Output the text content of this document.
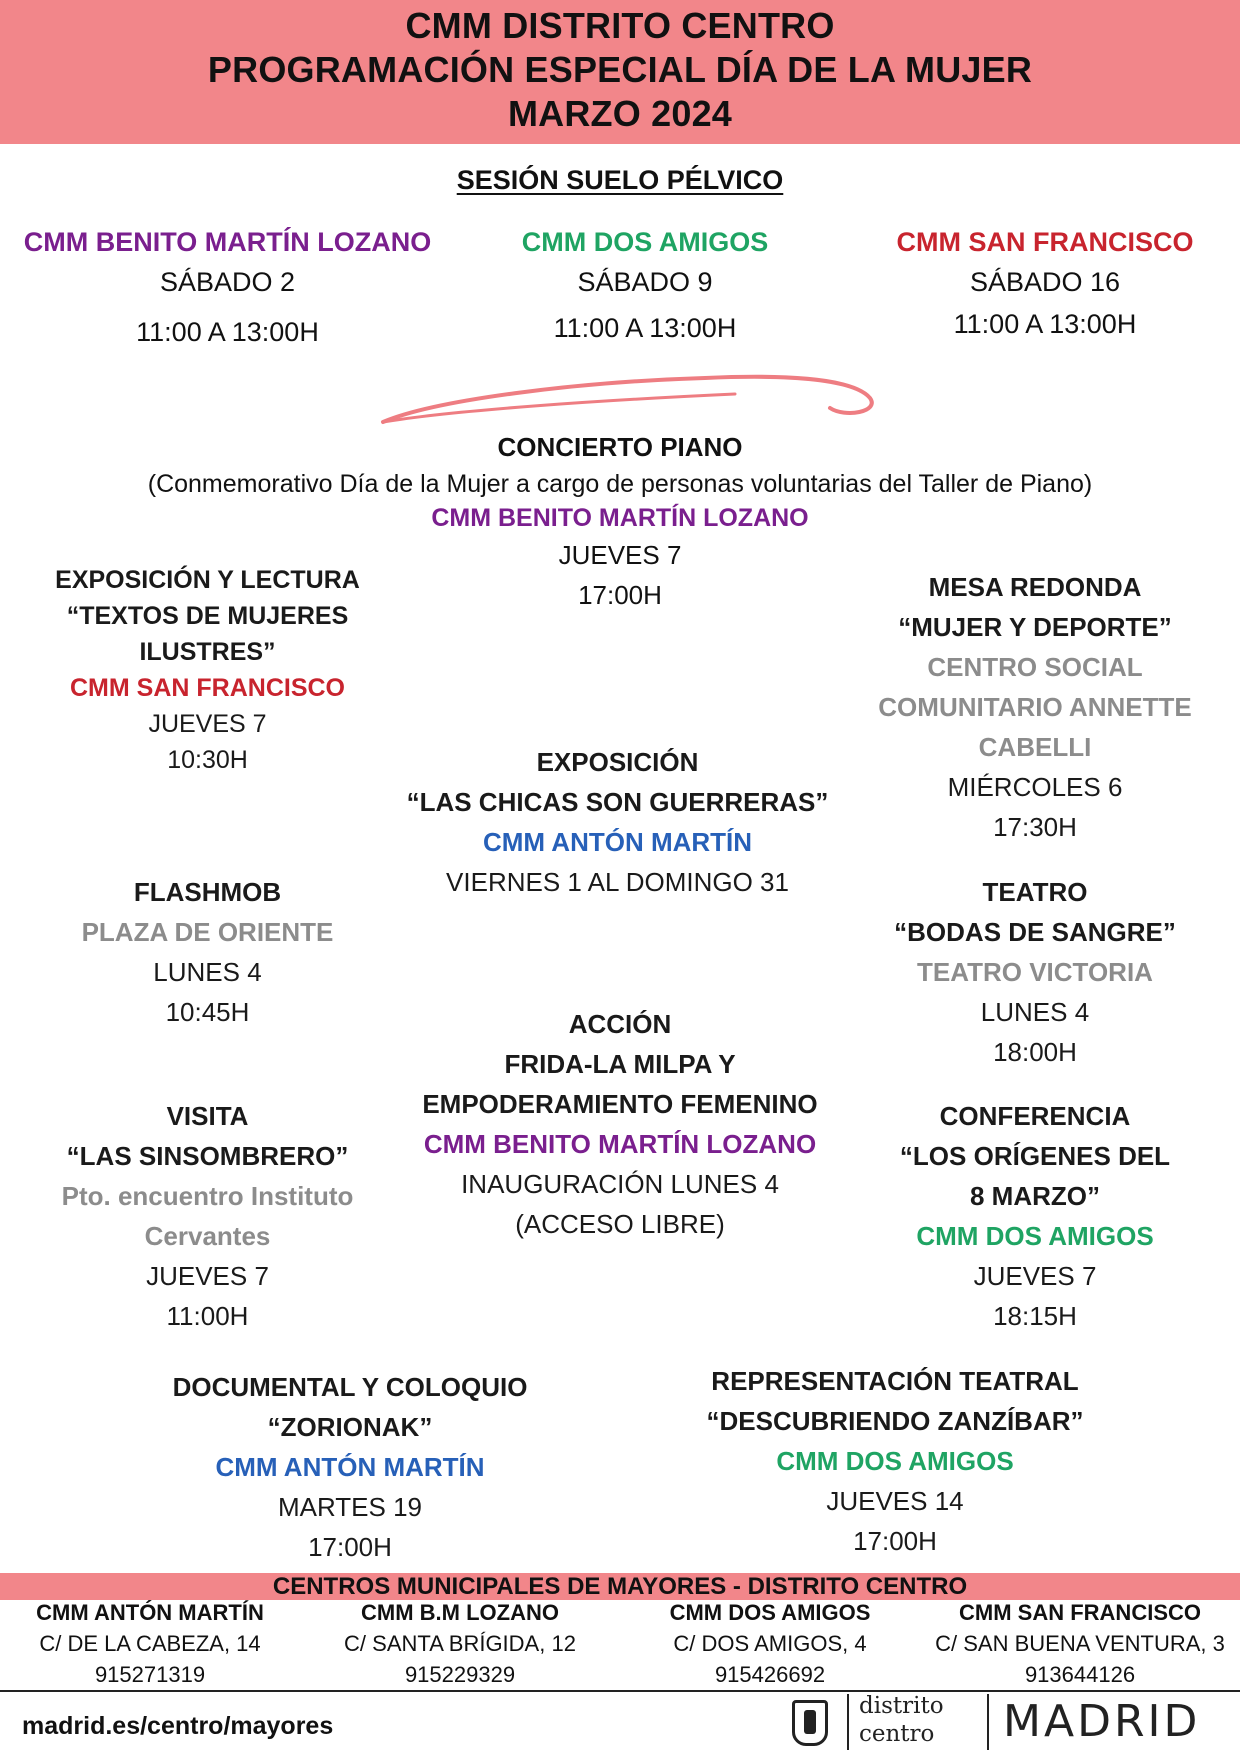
CMM DISTRITO CENTRO
PROGRAMACIÓN ESPECIAL DÍA DE LA MUJER
MARZO 2024
SESIÓN SUELO PÉLVICO
CMM BENITO MARTÍN LOZANO
SÁBADO 2
11:00 A 13:00H
CMM DOS AMIGOS
SÁBADO 9
11:00 A 13:00H
CMM SAN FRANCISCO
SÁBADO 16
11:00 A 13:00H
CONCIERTO PIANO
(Conmemorativo Día de la Mujer a cargo de personas voluntarias del Taller de Piano)
CMM BENITO MARTÍN LOZANO
JUEVES 7
17:00H
EXPOSICIÓN Y LECTURA
“TEXTOS DE MUJERES
ILUSTRES”
CMM SAN FRANCISCO
JUEVES 7
10:30H
MESA REDONDA
“MUJER Y DEPORTE”
CENTRO SOCIAL
COMUNITARIO ANNETTE
CABELLI
MIÉRCOLES 6
17:30H
EXPOSICIÓN
“LAS CHICAS SON GUERRERAS”
CMM ANTÓN MARTÍN
VIERNES 1 AL DOMINGO 31
FLASHMOB
PLAZA DE ORIENTE
LUNES 4
10:45H
TEATRO
“BODAS DE SANGRE”
TEATRO VICTORIA
LUNES 4
18:00H
ACCIÓN
FRIDA-LA MILPA Y
EMPODERAMIENTO FEMENINO
CMM BENITO MARTÍN LOZANO
INAUGURACIÓN LUNES 4
(ACCESO LIBRE)
VISITA
“LAS SINSOMBRERO”
Pto. encuentro Instituto
Cervantes
JUEVES 7
11:00H
CONFERENCIA
“LOS ORÍGENES DEL
8 MARZO”
CMM DOS AMIGOS
JUEVES 7
18:15H
DOCUMENTAL Y COLOQUIO
“ZORIONAK”
CMM ANTÓN MARTÍN
MARTES 19
17:00H
REPRESENTACIÓN TEATRAL
“DESCUBRIENDO ZANZÍBAR”
CMM DOS AMIGOS
JUEVES 14
17:00H
CENTROS MUNICIPALES DE MAYORES - DISTRITO CENTRO
CMM ANTÓN MARTÍN
C/ DE LA CABEZA, 14
915271319
CMM B.M LOZANO
C/ SANTA BRÍGIDA, 12
915229329
CMM DOS AMIGOS
C/ DOS AMIGOS, 4
915426692
CMM SAN FRANCISCO
C/ SAN BUENA VENTURA, 3
913644126
madrid.es/centro/mayores
distrito
centro MADRID
